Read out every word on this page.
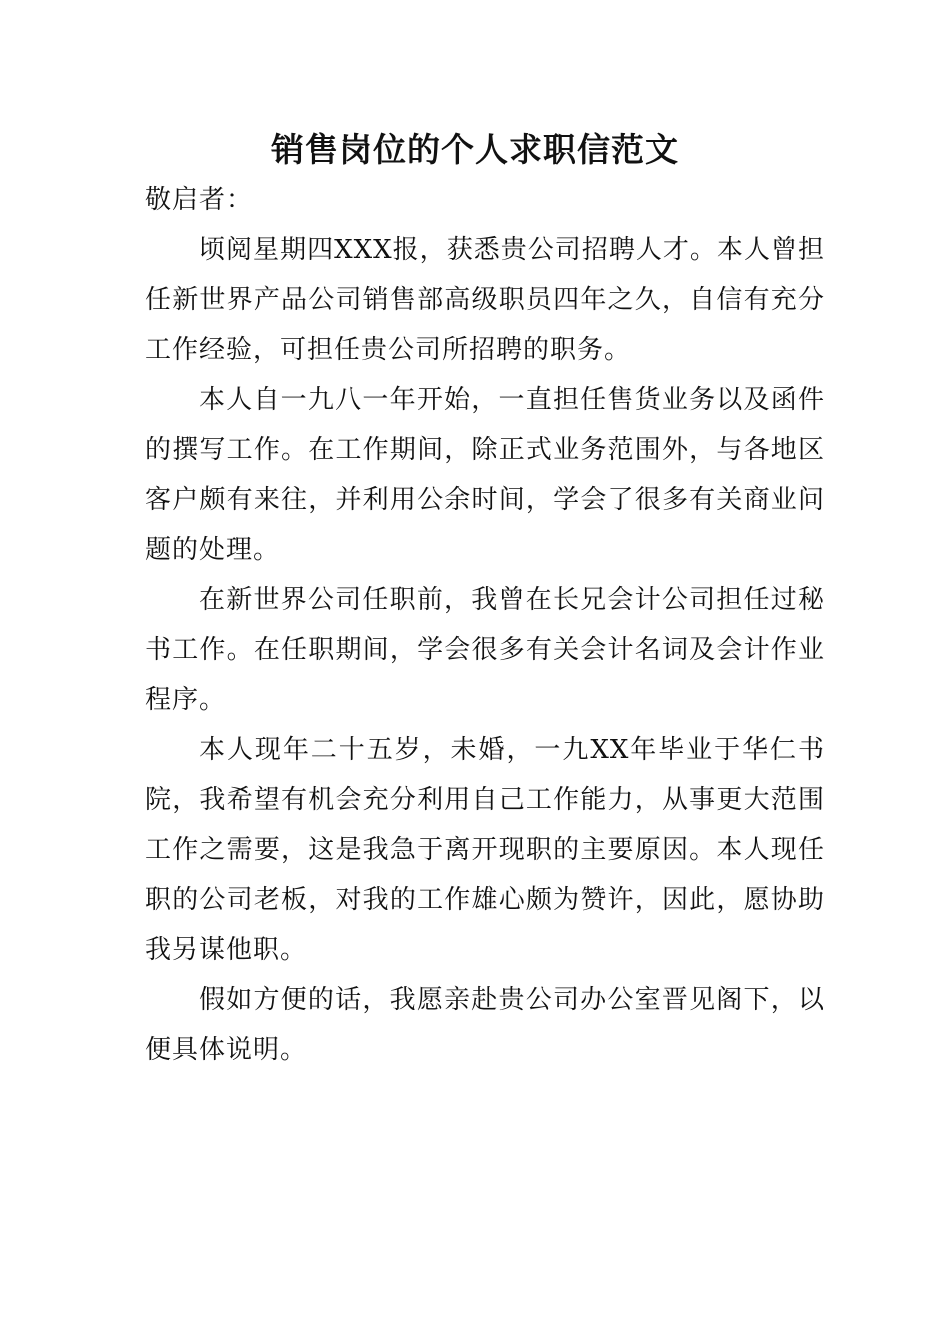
销售岗位的个人求职信范文

敬启者：

顷阅星期四XXX报，获悉贵公司招聘人才。本人曾担任新世界产品公司销售部高级职员四年之久，自信有充分工作经验，可担任贵公司所招聘的职务。

本人自一九八一年开始，一直担任售货业务以及函件的撰写工作。在工作期间，除正式业务范围外，与各地区客户颇有来往，并利用公余时间，学会了很多有关商业问题的处理。

在新世界公司任职前，我曾在长兄会计公司担任过秘书工作。在任职期间，学会很多有关会计名词及会计作业程序。

本人现年二十五岁，未婚，一九XX年毕业于华仁书院，我希望有机会充分利用自己工作能力，从事更大范围工作之需要，这是我急于离开现职的主要原因。本人现任职的公司老板，对我的工作雄心颇为赞许，因此，愿协助我另谋他职。

假如方便的话，我愿亲赴贵公司办公室晋见阁下，以便具体说明。
